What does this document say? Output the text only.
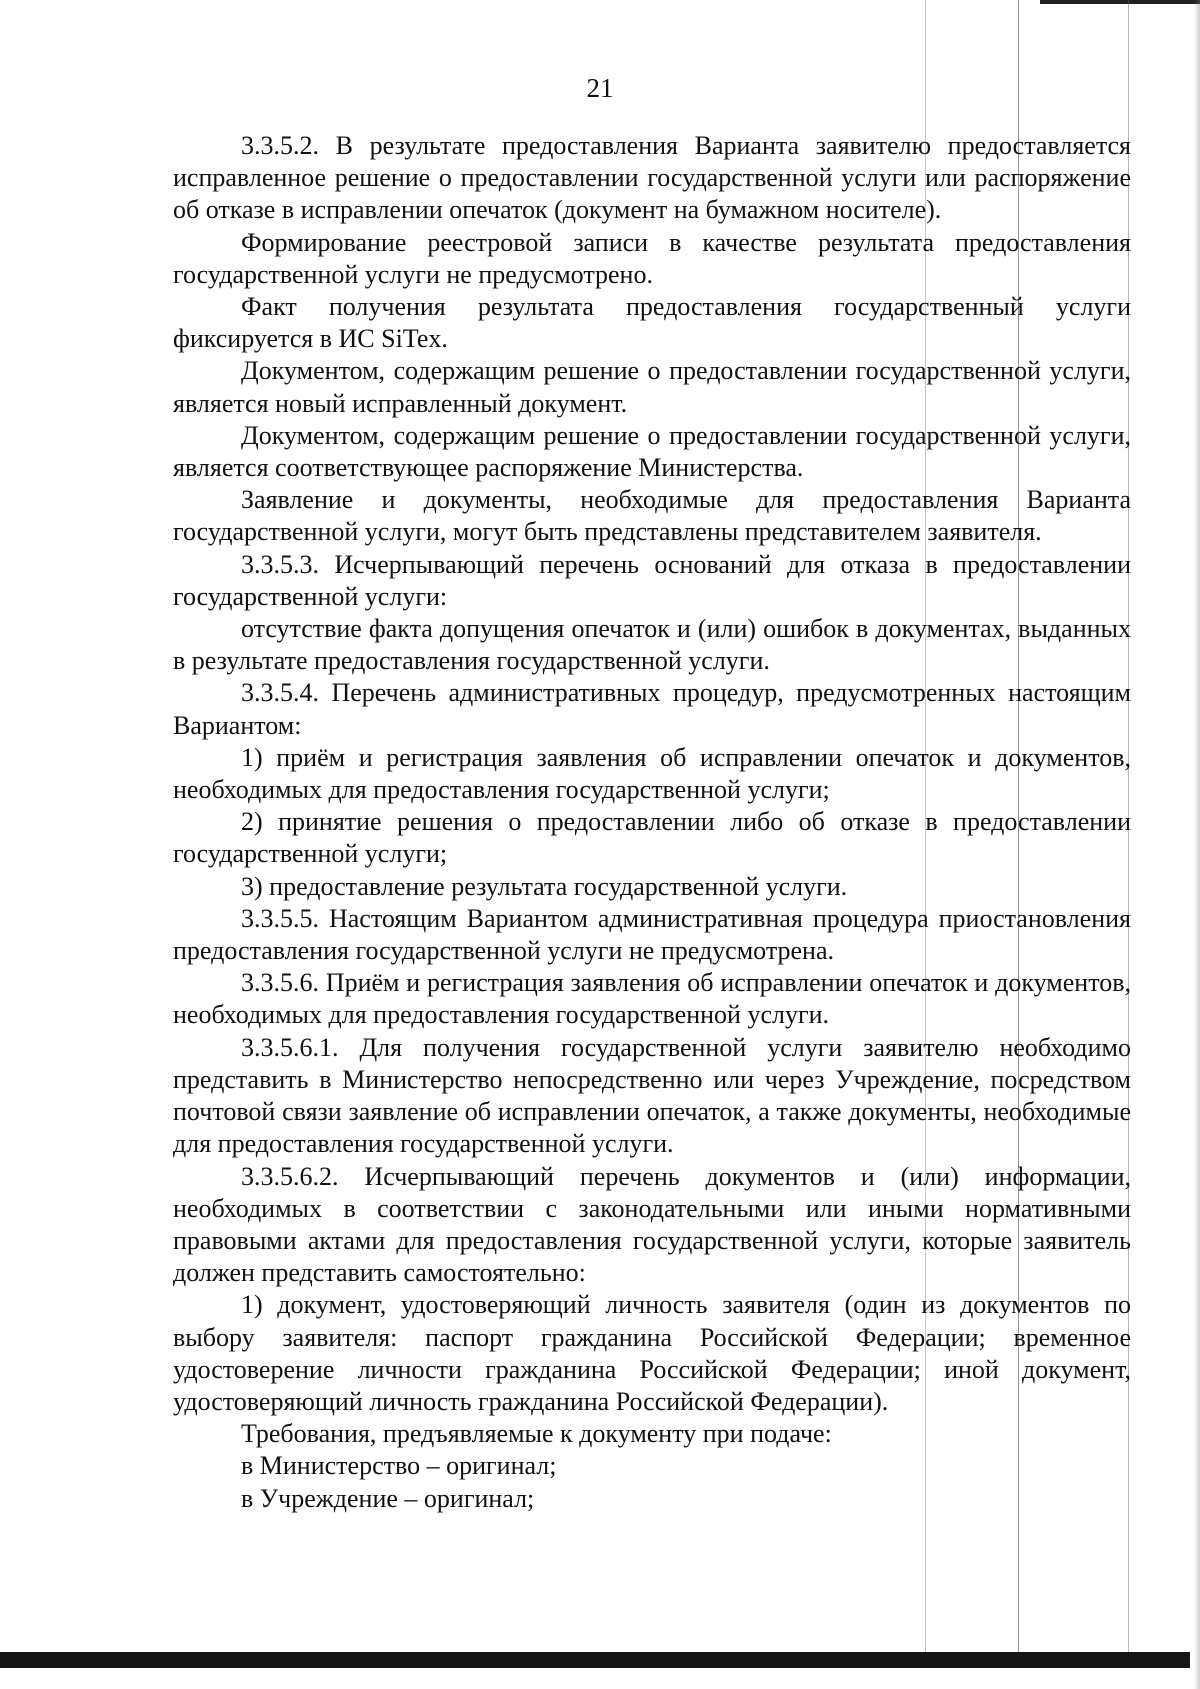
21

3.3.5.2. В результате предоставления Варианта заявителю предоставляется исправленное решение о предоставлении государственной услуги или распоряжение об отказе в исправлении опечаток (документ на бумажном носителе).

Формирование реестровой записи в качестве результата предоставления государственной услуги не предусмотрено.

Факт получения результата предоставления государственный услуги фиксируется в ИС SiTex.

Документом, содержащим решение о предоставлении государственной услуги, является новый исправленный документ.

Документом, содержащим решение о предоставлении государственной услуги, является соответствующее распоряжение Министерства.

Заявление и документы, необходимые для предоставления Варианта государственной услуги, могут быть представлены представителем заявителя.

3.3.5.3. Исчерпывающий перечень оснований для отказа в предоставлении государственной услуги:

отсутствие факта допущения опечаток и (или) ошибок в документах, выданных в результате предоставления государственной услуги.

3.3.5.4. Перечень административных процедур, предусмотренных настоящим Вариантом:

1) приём и регистрация заявления об исправлении опечаток и документов, необходимых для предоставления государственной услуги;

2) принятие решения о предоставлении либо об отказе в предоставлении государственной услуги;

3) предоставление результата государственной услуги.

3.3.5.5. Настоящим Вариантом административная процедура приостановления предоставления государственной услуги не предусмотрена.

3.3.5.6. Приём и регистрация заявления об исправлении опечаток и документов, необходимых для предоставления государственной услуги.

3.3.5.6.1. Для получения государственной услуги заявителю необходимо представить в Министерство непосредственно или через Учреждение, посредством почтовой связи заявление об исправлении опечаток, а также документы, необходимые для предоставления государственной услуги.

3.3.5.6.2. Исчерпывающий перечень документов и (или) информации, необходимых в соответствии с законодательными или иными нормативными правовыми актами для предоставления государственной услуги, которые заявитель должен представить самостоятельно:

1) документ, удостоверяющий личность заявителя (один из документов по выбору заявителя: паспорт гражданина Российской Федерации; временное удостоверение личности гражданина Российской Федерации; иной документ, удостоверяющий личность гражданина Российской Федерации).

Требования, предъявляемые к документу при подаче:

в Министерство – оригинал;

в Учреждение – оригинал;
